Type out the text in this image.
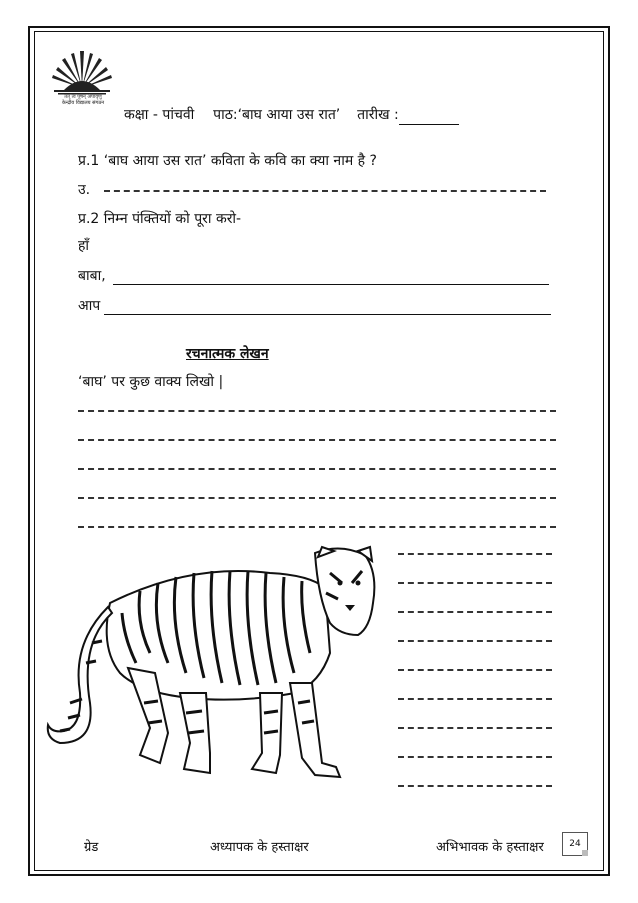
तत् त्वं पूषन् अपावृणु
केन्द्रीय विद्यालय संगठन
कक्षा - पांचवी पाठ:‘बाघ आया उस रात’ तारीख :
प्र.1 ‘बाघ आया उस रात’ कविता के कवि का क्या नाम है ?
उ.
प्र.2 निम्न पंक्तियों को पूरा करो-
हाँ
बाबा,
आप
रचनात्मक लेखन
‘बाघ’ पर कुछ वाक्य लिखो |
ग्रेड	अध्यापक के हस्ताक्षर	अभिभावक के हस्ताक्षर	24
